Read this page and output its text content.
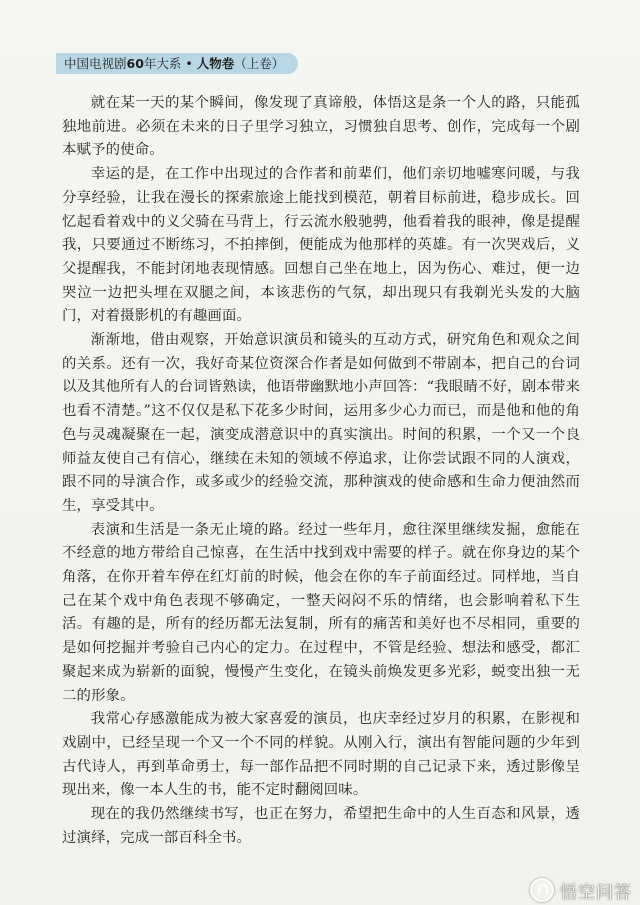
中国电视剧60年大系 • 人物卷（上卷）

就在某一天的某个瞬间，像发现了真谛般，体悟这是条一个人的路，只能孤独地前进。必须在未来的日子里学习独立，习惯独自思考、创作，完成每一个剧本赋予的使命。

幸运的是，在工作中出现过的合作者和前辈们，他们亲切地嘘寒问暖，与我分享经验，让我在漫长的探索旅途上能找到模范，朝着目标前进，稳步成长。回忆起看着戏中的义父骑在马背上，行云流水般驰骋，他看着我的眼神，像是提醒我，只要通过不断练习，不拍摔倒，便能成为他那样的英雄。有一次哭戏后，义父提醒我，不能封闭地表现情感。回想自己坐在地上，因为伤心、难过，便一边哭泣一边把头埋在双腿之间，本该悲伤的气氛，却出现只有我剃光头发的大脑门，对着摄影机的有趣画面。

渐渐地，借由观察，开始意识演员和镜头的互动方式，研究角色和观众之间的关系。还有一次，我好奇某位资深合作者是如何做到不带剧本，把自己的台词以及其他所有人的台词皆熟读，他语带幽默地小声回答：“我眼睛不好，剧本带来也看不清楚。”这不仅仅是私下花多少时间，运用多少心力而已，而是他和他的角色与灵魂凝聚在一起，演变成潜意识中的真实演出。时间的积累，一个又一个良师益友使自己有信心，继续在未知的领域不停追求，让你尝试跟不同的人演戏，跟不同的导演合作，或多或少的经验交流，那种演戏的使命感和生命力便油然而生，享受其中。

表演和生活是一条无止境的路。经过一些年月，愈往深里继续发掘，愈能在不经意的地方带给自己惊喜，在生活中找到戏中需要的样子。就在你身边的某个角落，在你开着车停在红灯前的时候，他会在你的车子前面经过。同样地，当自己在某个戏中角色表现不够确定，一整天闷闷不乐的情绪，也会影响着私下生活。有趣的是，所有的经历都无法复制，所有的痛苦和美好也不尽相同，重要的是如何挖掘并考验自己内心的定力。在过程中，不管是经验、想法和感受，都汇聚起来成为崭新的面貌，慢慢产生变化，在镜头前焕发更多光彩，蜕变出独一无二的形象。

我常心存感激能成为被大家喜爱的演员，也庆幸经过岁月的积累，在影视和戏剧中，已经呈现一个又一个不同的样貌。从刚入行，演出有智能问题的少年到古代诗人，再到革命勇士，每一部作品把不同时期的自己记录下来，透过影像呈现出来，像一本人生的书，能不定时翻阅回味。

现在的我仍然继续书写，也正在努力，希望把生命中的人生百态和风景，透过演绎，完成一部百科全书。

悟空问答
